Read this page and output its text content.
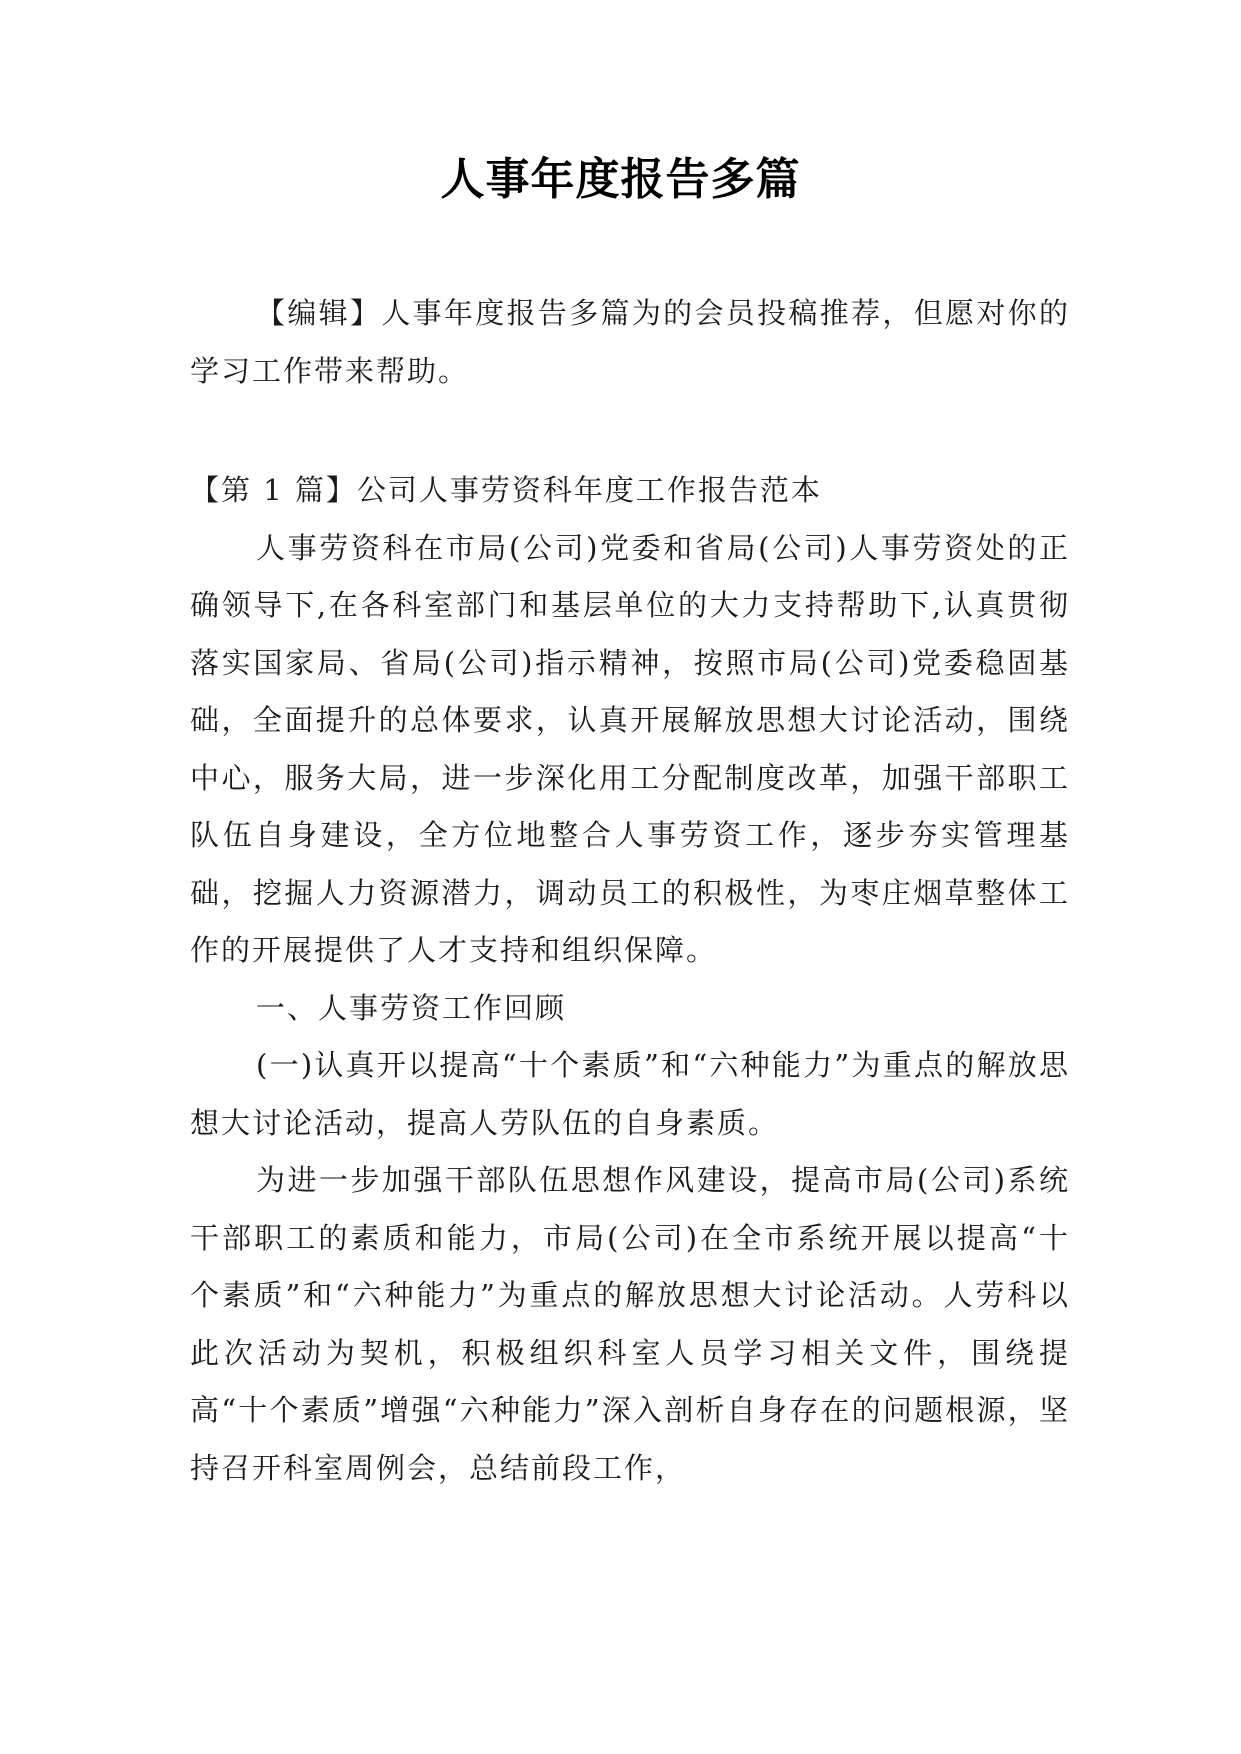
人事年度报告多篇

【编辑】人事年度报告多篇为的会员投稿推荐，但愿对你的学习工作带来帮助。

【第 1 篇】公司人事劳资科年度工作报告范本

人事劳资科在市局(公司)党委和省局(公司)人事劳资处的正确领导下,在各科室部门和基层单位的大力支持帮助下,认真贯彻落实国家局、省局(公司)指示精神，按照市局(公司)党委稳固基础，全面提升的总体要求，认真开展解放思想大讨论活动，围绕中心，服务大局，进一步深化用工分配制度改革，加强干部职工队伍自身建设，全方位地整合人事劳资工作，逐步夯实管理基础，挖掘人力资源潜力，调动员工的积极性，为枣庄烟草整体工作的开展提供了人才支持和组织保障。

一、人事劳资工作回顾

(一)认真开以提高“十个素质”和“六种能力”为重点的解放思想大讨论活动，提高人劳队伍的自身素质。

为进一步加强干部队伍思想作风建设，提高市局(公司)系统干部职工的素质和能力，市局(公司)在全市系统开展以提高“十个素质”和“六种能力”为重点的解放思想大讨论活动。人劳科以此次活动为契机，积极组织科室人员学习相关文件，围绕提高“十个素质”增强“六种能力”深入剖析自身存在的问题根源，坚持召开科室周例会，总结前段工作，
